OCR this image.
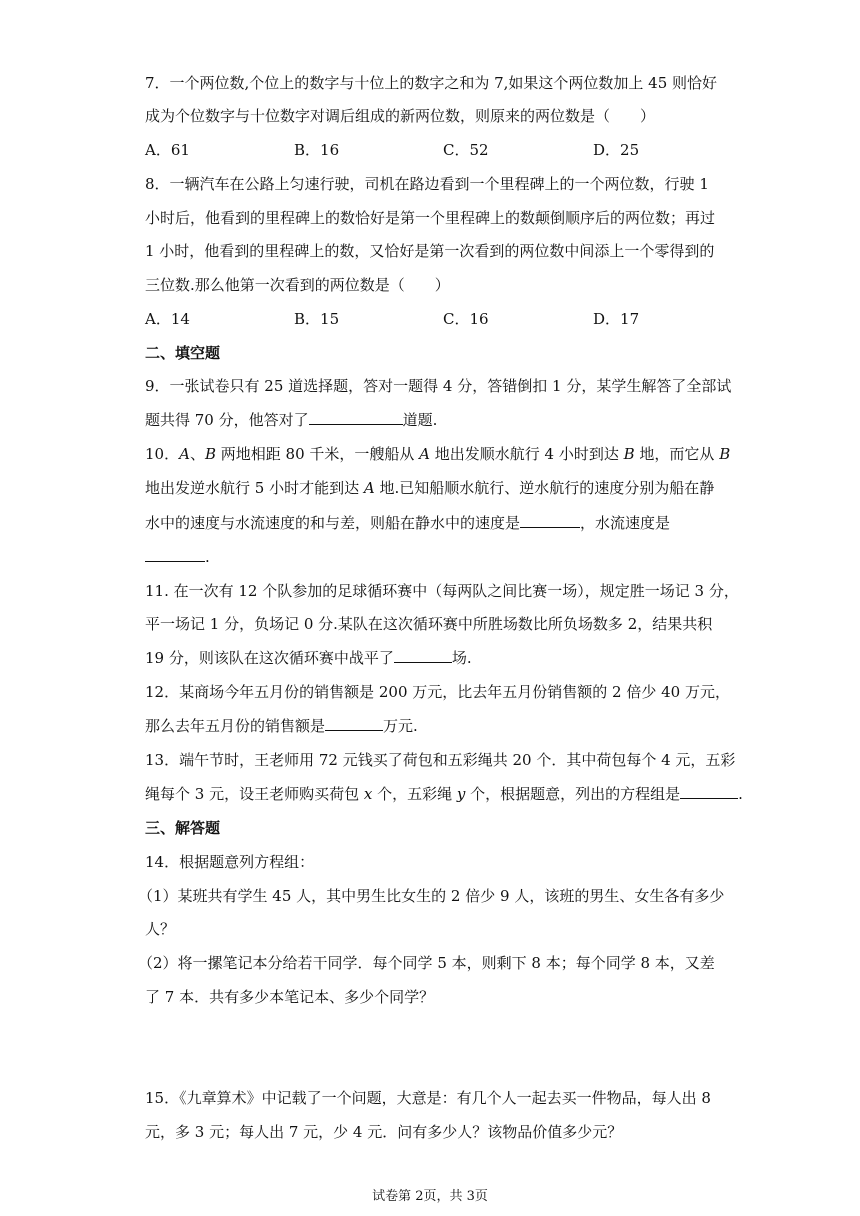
7．一个两位数,个位上的数字与十位上的数字之和为 7,如果这个两位数加上 45 则恰好
成为个位数字与十位数字对调后组成的新两位数，则原来的两位数是（　　）
A．61	B．16	C．52	D．25
8．一辆汽车在公路上匀速行驶，司机在路边看到一个里程碑上的一个两位数，行驶 1
小时后，他看到的里程碑上的数恰好是第一个里程碑上的数颠倒顺序后的两位数；再过
1 小时，他看到的里程碑上的数，又恰好是第一次看到的两位数中间添上一个零得到的
三位数.那么他第一次看到的两位数是（　　）
A．14	B．15	C．16	D．17
二、填空题
9．一张试卷只有 25 道选择题，答对一题得 4 分，答错倒扣 1 分，某学生解答了全部试
题共得 70 分，他答对了	道题.
10．A、B 两地相距 80 千米，一艘船从 A 地出发顺水航行 4 小时到达 B 地，而它从 B
地出发逆水航行 5 小时才能到达 A 地.已知船顺水航行、逆水航行的速度分别为船在静
水中的速度与水流速度的和与差，则船在静水中的速度是	，水流速度是
.
11. 在一次有 12 个队参加的足球循环赛中（每两队之间比赛一场），规定胜一场记 3 分，
平一场记 1 分，负场记 0 分.某队在这次循环赛中所胜场数比所负场数多 2，结果共积
19 分，则该队在这次循环赛中战平了	场.
12．某商场今年五月份的销售额是 200 万元，比去年五月份销售额的 2 倍少 40 万元，
那么去年五月份的销售额是	万元.
13．端午节时，王老师用 72 元钱买了荷包和五彩绳共 20 个．其中荷包每个 4 元，五彩
绳每个 3 元，设王老师购买荷包 x 个，五彩绳 y 个，根据题意，列出的方程组是	.
三、解答题
14．根据题意列方程组：
（1）某班共有学生 45 人，其中男生比女生的 2 倍少 9 人，该班的男生、女生各有多少
人？
（2）将一摞笔记本分给若干同学．每个同学 5 本，则剩下 8 本；每个同学 8 本，又差
了 7 本．共有多少本笔记本、多少个同学？
15．《九章算术》中记载了一个问题，大意是：有几个人一起去买一件物品，每人出 8
元，多 3 元；每人出 7 元，少 4 元．问有多少人？该物品价值多少元？
试卷第 2页，共 3页
